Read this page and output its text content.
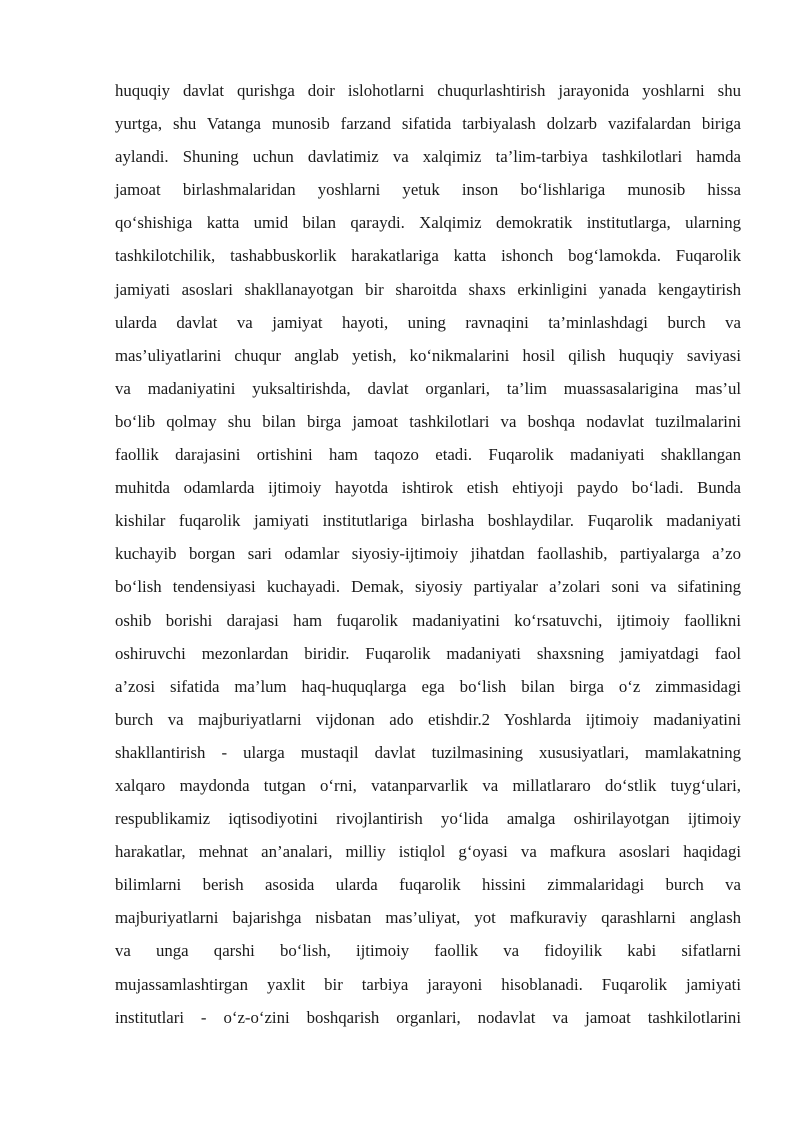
huquqiy davlat qurishga doir islohotlarni chuqurlashtirish jarayonida yoshlarni shu
yurtga, shu Vatanga munosib farzand sifatida tarbiyalash dolzarb vazifalardan biriga
aylandi. Shuning uchun davlatimiz va xalqimiz ta’lim-tarbiya tashkilotlari hamda
jamoat birlashmalaridan yoshlarni yetuk inson bo‘lishlariga munosib hissa
qo‘shishiga katta umid bilan qaraydi. Xalqimiz demokratik institutlarga, ularning
tashkilotchilik, tashabbuskorlik harakatlariga katta ishonch bog‘lamokda. Fuqarolik
jamiyati asoslari shakllanayotgan bir sharoitda shaxs erkinligini yanada kengaytirish
ularda davlat va jamiyat hayoti, uning ravnaqini ta’minlashdagi burch va
mas’uliyatlarini chuqur anglab yetish, ko‘nikmalarini hosil qilish huquqiy saviyasi
va madaniyatini yuksaltirishda, davlat organlari, ta’lim muassasalarigina mas’ul
bo‘lib qolmay shu bilan birga jamoat tashkilotlari va boshqa nodavlat tuzilmalarini
faollik darajasini ortishini ham taqozo etadi. Fuqarolik madaniyati shakllangan
muhitda odamlarda ijtimoiy hayotda ishtirok etish ehtiyoji paydo bo‘ladi. Bunda
kishilar fuqarolik jamiyati institutlariga birlasha boshlaydilar. Fuqarolik madaniyati
kuchayib borgan sari odamlar siyosiy-ijtimoiy jihatdan faollashib, partiyalarga a’zo
bo‘lish tendensiyasi kuchayadi. Demak, siyosiy partiyalar a’zolari soni va sifatining
oshib borishi darajasi ham fuqarolik madaniyatini ko‘rsatuvchi, ijtimoiy faollikni
oshiruvchi mezonlardan biridir. Fuqarolik madaniyati shaxsning jamiyatdagi faol
a’zosi sifatida ma’lum haq-huquqlarga ega bo‘lish bilan birga o‘z zimmasidagi
burch va majburiyatlarni vijdonan ado etishdir.2 Yoshlarda ijtimoiy madaniyatini
shakllantirish - ularga mustaqil davlat tuzilmasining xususiyatlari, mamlakatning
xalqaro maydonda tutgan o‘rni, vatanparvarlik va millatlararo do‘stlik tuyg‘ulari,
respublikamiz iqtisodiyotini rivojlantirish yo‘lida amalga oshirilayotgan ijtimoiy
harakatlar, mehnat an’analari, milliy istiqlol g‘oyasi va mafkura asoslari haqidagi
bilimlarni berish asosida ularda fuqarolik hissini zimmalaridagi burch va
majburiyatlarni bajarishga nisbatan mas’uliyat, yot mafkuraviy qarashlarni anglash
va unga qarshi bo‘lish, ijtimoiy faollik va fidoyilik kabi sifatlarni
mujassamlashtirgan yaxlit bir tarbiya jarayoni hisoblanadi. Fuqarolik jamiyati
institutlari - o‘z-o‘zini boshqarish organlari, nodavlat va jamoat tashkilotlarini
